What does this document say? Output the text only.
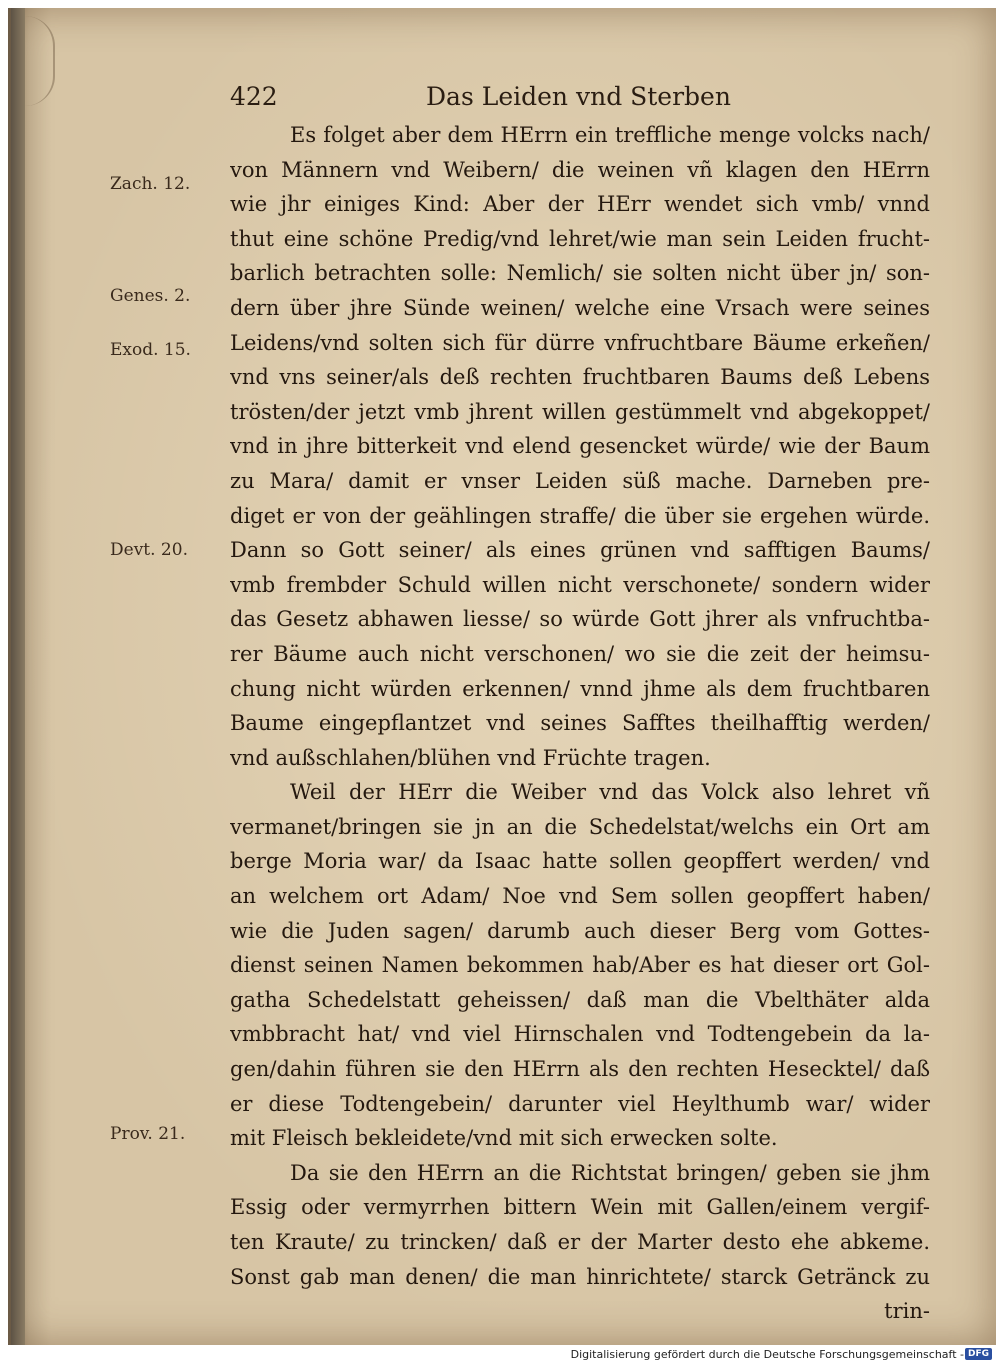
422	Das Leiden vnd Sterben
Zach. 12.
Genes. 2.
Exod. 15.
Devt. 20.
Prov. 21.
Es folget aber dem HErrn ein treffliche menge volcks nach/
von Männern vnd Weibern/ die weinen vñ klagen den HErrn
wie jhr einiges Kind: Aber der HErr wendet sich vmb/ vnnd
thut eine schöne Predig/vnd lehret/wie man sein Leiden frucht-
barlich betrachten solle: Nemlich/ sie solten nicht über jn/ son-
dern über jhre Sünde weinen/ welche eine Vrsach were seines
Leidens/vnd solten sich für dürre vnfruchtbare Bäume erkeñen/
vnd vns seiner/als deß rechten fruchtbaren Baums deß Lebens
trösten/der jetzt vmb jhrent willen gestümmelt vnd abgekoppet/
vnd in jhre bitterkeit vnd elend gesencket würde/ wie der Baum
zu Mara/ damit er vnser Leiden süß mache. Darneben pre-
diget er von der geählingen straffe/ die über sie ergehen würde.
Dann so Gott seiner/ als eines grünen vnd safftigen Baums/
vmb frembder Schuld willen nicht verschonete/ sondern wider
das Gesetz abhawen liesse/ so würde Gott jhrer als vnfruchtba-
rer Bäume auch nicht verschonen/ wo sie die zeit der heimsu-
chung nicht würden erkennen/ vnnd jhme als dem fruchtbaren
Baume eingepflantzet vnd seines Safftes theilhafftig werden/
vnd außschlahen/blühen vnd Früchte tragen.
Weil der HErr die Weiber vnd das Volck also lehret vñ
vermanet/bringen sie jn an die Schedelstat/welchs ein Ort am
berge Moria war/ da Isaac hatte sollen geopffert werden/ vnd
an welchem ort Adam/ Noe vnd Sem sollen geopffert haben/
wie die Juden sagen/ darumb auch dieser Berg vom Gottes-
dienst seinen Namen bekommen hab/Aber es hat dieser ort Gol-
gatha Schedelstatt geheissen/ daß man die Vbelthäter alda
vmbbracht hat/ vnd viel Hirnschalen vnd Todtengebein da la-
gen/dahin führen sie den HErrn als den rechten Hesecktel/ daß
er diese Todtengebein/ darunter viel Heylthumb war/ wider
mit Fleisch bekleidete/vnd mit sich erwecken solte.
Da sie den HErrn an die Richtstat bringen/ geben sie jhm
Essig oder vermyrrhen bittern Wein mit Gallen/einem vergif-
ten Kraute/ zu trincken/ daß er der Marter desto ehe abkeme.
Sonst gab man denen/ die man hinrichtete/ starck Getränck zu
trin-
Digitalisierung gefördert durch die Deutsche Forschungsgemeinschaft - DFG
